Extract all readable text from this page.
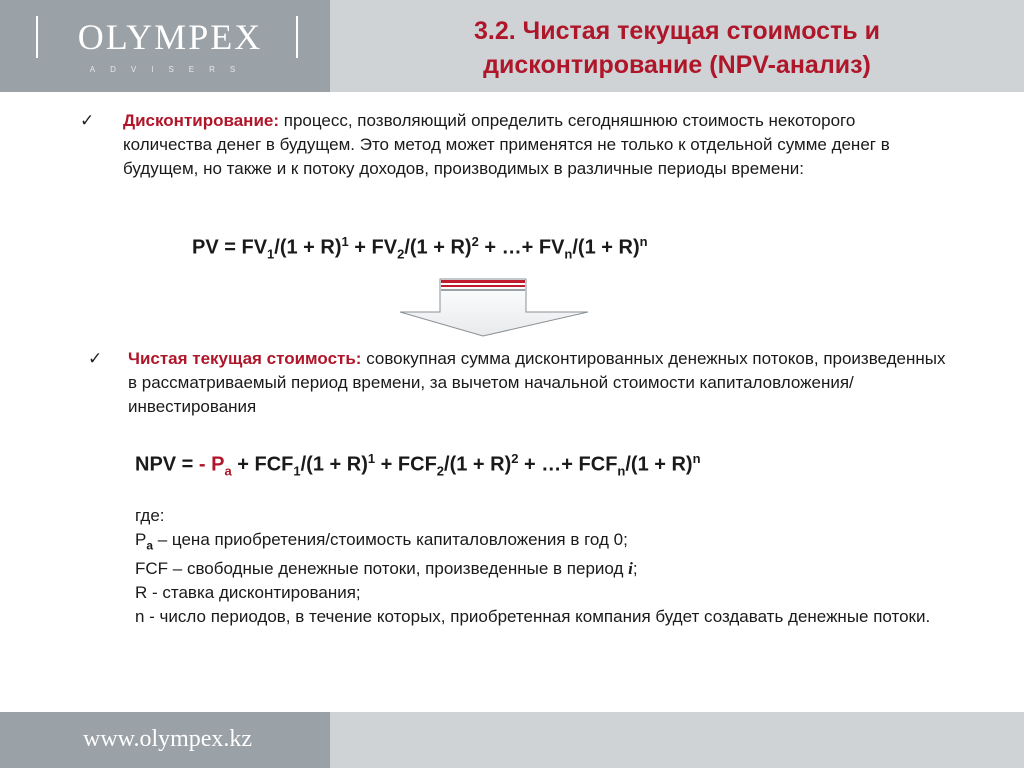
OLYMPEX
ADVISERS
3.2. Чистая текущая стоимость и
дисконтирование (NPV-анализ)
✓ Дисконтирование: процесс, позволяющий определить сегодняшнюю стоимость некоторого количества денег в будущем. Это метод может применятся не только к отдельной сумме денег в будущем, но также и к потоку доходов, производимых в различные периоды времени:
PV = $FV_1/(1 + R)^1 + FV_2/(1 + R)^2$ + …+ $FV_n/(1 + R)^n$
✓ Чистая текущая стоимость: совокупная сумма дисконтированных денежных потоков, произведенных в рассматриваемый период времени, за вычетом начальной стоимости капиталовложения/инвестирования
NPV = - $P_a + FCF_1/(1 + R)^1 + FCF_2/(1 + R)^2$ + …+ $FCF_n/(1 + R)^n$
где:
$P_a$ – цена приобретения/стоимость капиталовложения в год 0;
FCF – свободные денежные потоки, произведенные в период i;
R - ставка дисконтирования;
n - число периодов, в течение которых, приобретенная компания будет создавать денежные потоки.
www.olympex.kz
